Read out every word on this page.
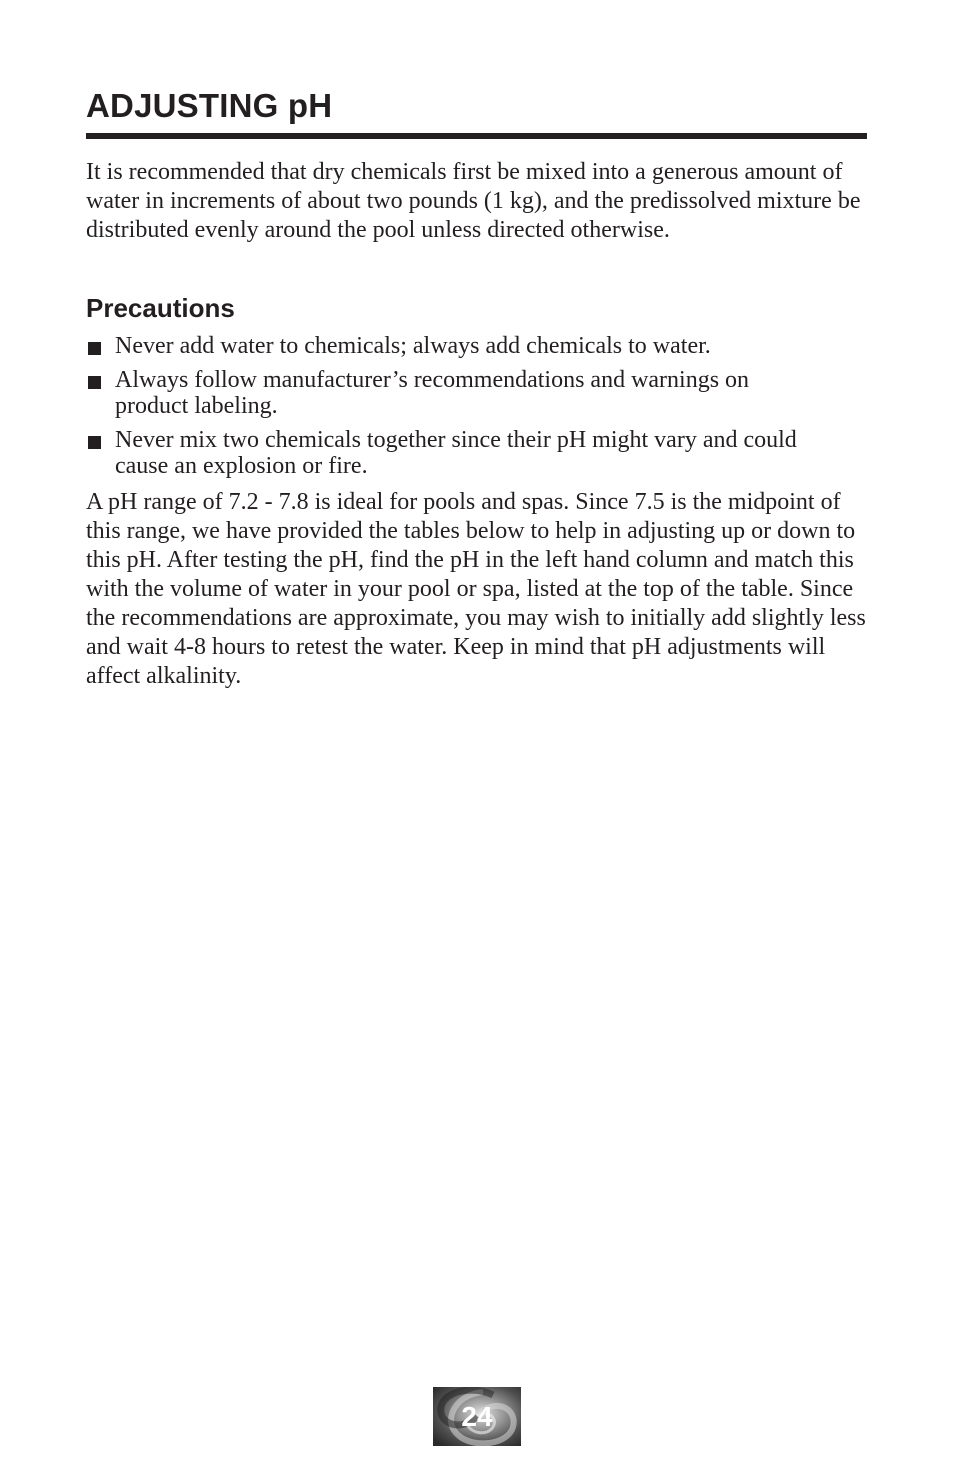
ADJUSTING pH

It is recommended that dry chemicals first be mixed into a generous amount of water in increments of about two pounds (1 kg), and the predissolved mixture be distributed evenly around the pool unless directed otherwise.

Precautions
Never add water to chemicals; always add chemicals to water.
Always follow manufacturer’s recommendations and warnings on product labeling.
Never mix two chemicals together since their pH might vary and could cause an explosion or fire.

A pH range of 7.2 - 7.8 is ideal for pools and spas. Since 7.5 is the midpoint of this range, we have provided the tables below to help in adjusting up or down to this pH. After testing the pH, find the pH in the left hand column and match this with the volume of water in your pool or spa, listed at the top of the table. Since the recommendations are approximate, you may wish to initially add slightly less and wait 4-8 hours to retest the water. Keep in mind that pH adjustments will affect alkalinity.

24
